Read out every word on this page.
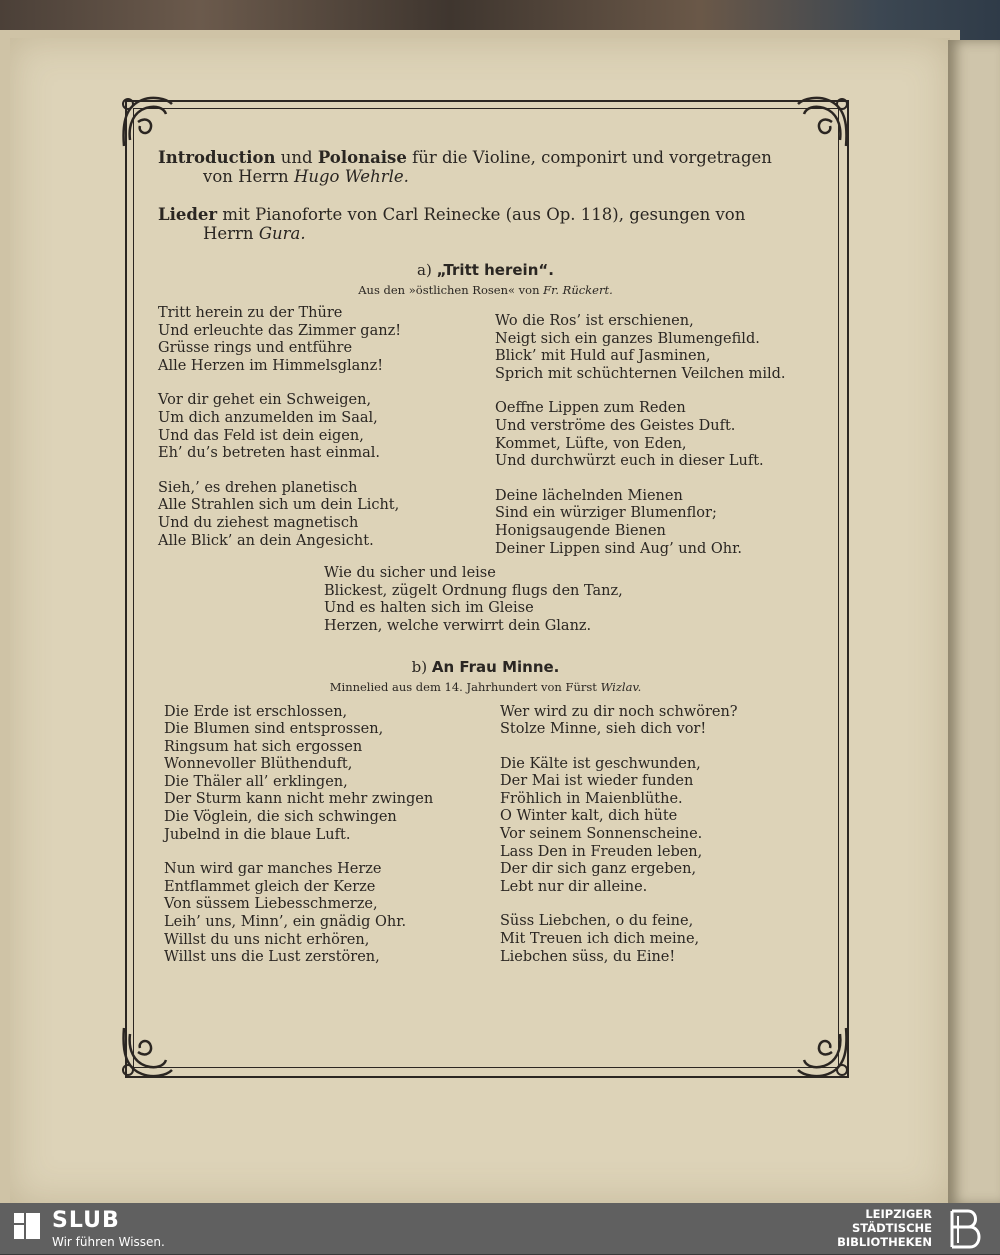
Introduction und Polonaise für die Violine, componirt und vorgetragen
von Herrn Hugo Wehrle.

Lieder mit Pianoforte von Carl Reinecke (aus Op. 118), gesungen von
Herrn Gura.

a) „Tritt herein“.

Aus den »östlichen Rosen« von Fr. Rückert.

Tritt herein zu der Thüre
Und erleuchte das Zimmer ganz!
Grüsse rings und entführe
Alle Herzen im Himmelsglanz!
Vor dir gehet ein Schweigen,
Um dich anzumelden im Saal,
Und das Feld ist dein eigen,
Eh’ du’s betreten hast einmal.
Sieh,’ es drehen planetisch
Alle Strahlen sich um dein Licht,
Und du ziehest magnetisch
Alle Blick’ an dein Angesicht.
Wo die Ros’ ist erschienen,
Neigt sich ein ganzes Blumengefild.
Blick’ mit Huld auf Jasminen,
Sprich mit schüchternen Veilchen mild.
Oeffne Lippen zum Reden
Und verströme des Geistes Duft.
Kommet, Lüfte, von Eden,
Und durchwürzt euch in dieser Luft.
Deine lächelnden Mienen
Sind ein würziger Blumenflor;
Honigsaugende Bienen
Deiner Lippen sind Aug’ und Ohr.
Wie du sicher und leise
Blickest, zügelt Ordnung flugs den Tanz,
Und es halten sich im Gleise
Herzen, welche verwirrt dein Glanz.

b) An Frau Minne.

Minnelied aus dem 14. Jahrhundert von Fürst Wizlav.

Die Erde ist erschlossen,
Die Blumen sind entsprossen,
Ringsum hat sich ergossen
Wonnevoller Blüthenduft,
Die Thäler all’ erklingen,
Der Sturm kann nicht mehr zwingen
Die Vöglein, die sich schwingen
Jubelnd in die blaue Luft.
Nun wird gar manches Herze
Entflammet gleich der Kerze
Von süssem Liebesschmerze,
Leih’ uns, Minn’, ein gnädig Ohr.
Willst du uns nicht erhören,
Willst uns die Lust zerstören,
Wer wird zu dir noch schwören?
Stolze Minne, sieh dich vor!
Die Kälte ist geschwunden,
Der Mai ist wieder funden
Fröhlich in Maienblüthe.
O Winter kalt, dich hüte
Vor seinem Sonnenscheine.
Lass Den in Freuden leben,
Der dir sich ganz ergeben,
Lebt nur dir alleine.
Süss Liebchen, o du feine,
Mit Treuen ich dich meine,
Liebchen süss, du Eine!
SLUB
Wir führen Wissen.
LEIPZIGER
STÄDTISCHE
BIBLIOTHEKEN
